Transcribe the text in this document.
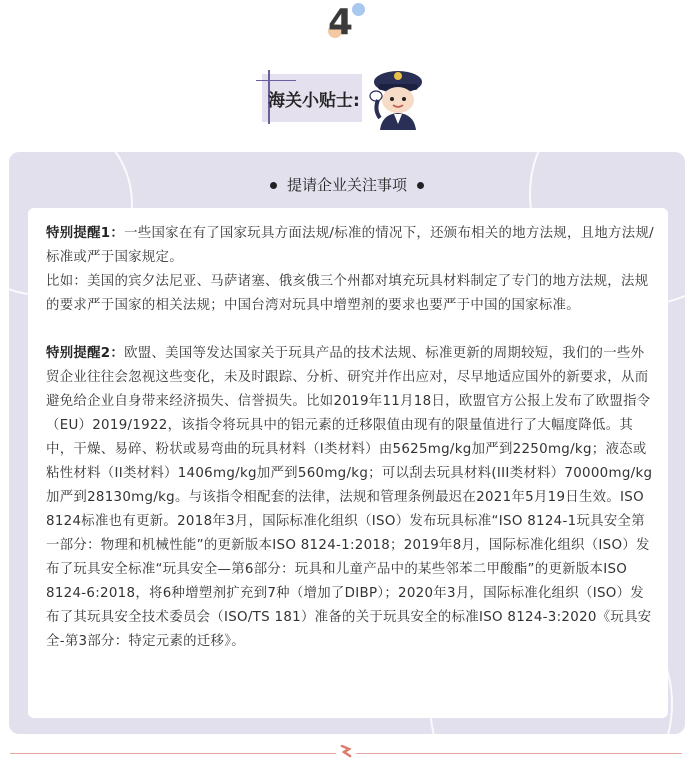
4
海关小贴士:
提请企业关注事项

特别提醒1：一些国家在有了国家玩具方面法规/标准的情况下，还颁布相关的地方法规，且地方法规/标准或严于国家规定。

比如：美国的宾夕法尼亚、马萨诸塞、俄亥俄三个州都对填充玩具材料制定了专门的地方法规，法规的要求严于国家的相关法规；中国台湾对玩具中增塑剂的要求也要严于中国的国家标准。

特别提醒2：欧盟、美国等发达国家关于玩具产品的技术法规、标准更新的周期较短，我们的一些外贸企业往往会忽视这些变化，未及时跟踪、分析、研究并作出应对，尽早地适应国外的新要求，从而避免给企业自身带来经济损失、信誉损失。比如2019年11月18日，欧盟官方公报上发布了欧盟指令（EU）2019/1922，该指令将玩具中的铝元素的迁移限值由现有的限量值进行了大幅度降低。其中，干燥、易碎、粉状或易弯曲的玩具材料（I类材料）由5625mg/kg加严到2250mg/kg；液态或粘性材料（II类材料）1406mg/kg加严到560mg/kg；可以刮去玩具材料(III类材料）70000mg/kg加严到28130mg/kg。与该指令相配套的法律，法规和管理条例最迟在2021年5月19日生效。ISO 8124标准也有更新。2018年3月，国际标准化组织（ISO）发布玩具标准“ISO 8124-1玩具安全第一部分：物理和机械性能”的更新版本ISO 8124-1:2018；2019年8月，国际标准化组织（ISO）发布了玩具安全标准“玩具安全—第6部分：玩具和儿童产品中的某些邻苯二甲酸酯”的更新版本ISO 8124-6:2018，将6种增塑剂扩充到7种（增加了DIBP）；2020年3月，国际标准化组织（ISO）发布了其玩具安全技术委员会（ISO/TS 181）准备的关于玩具安全的标准ISO 8124-3:2020《玩具安全-第3部分：特定元素的迁移》。
